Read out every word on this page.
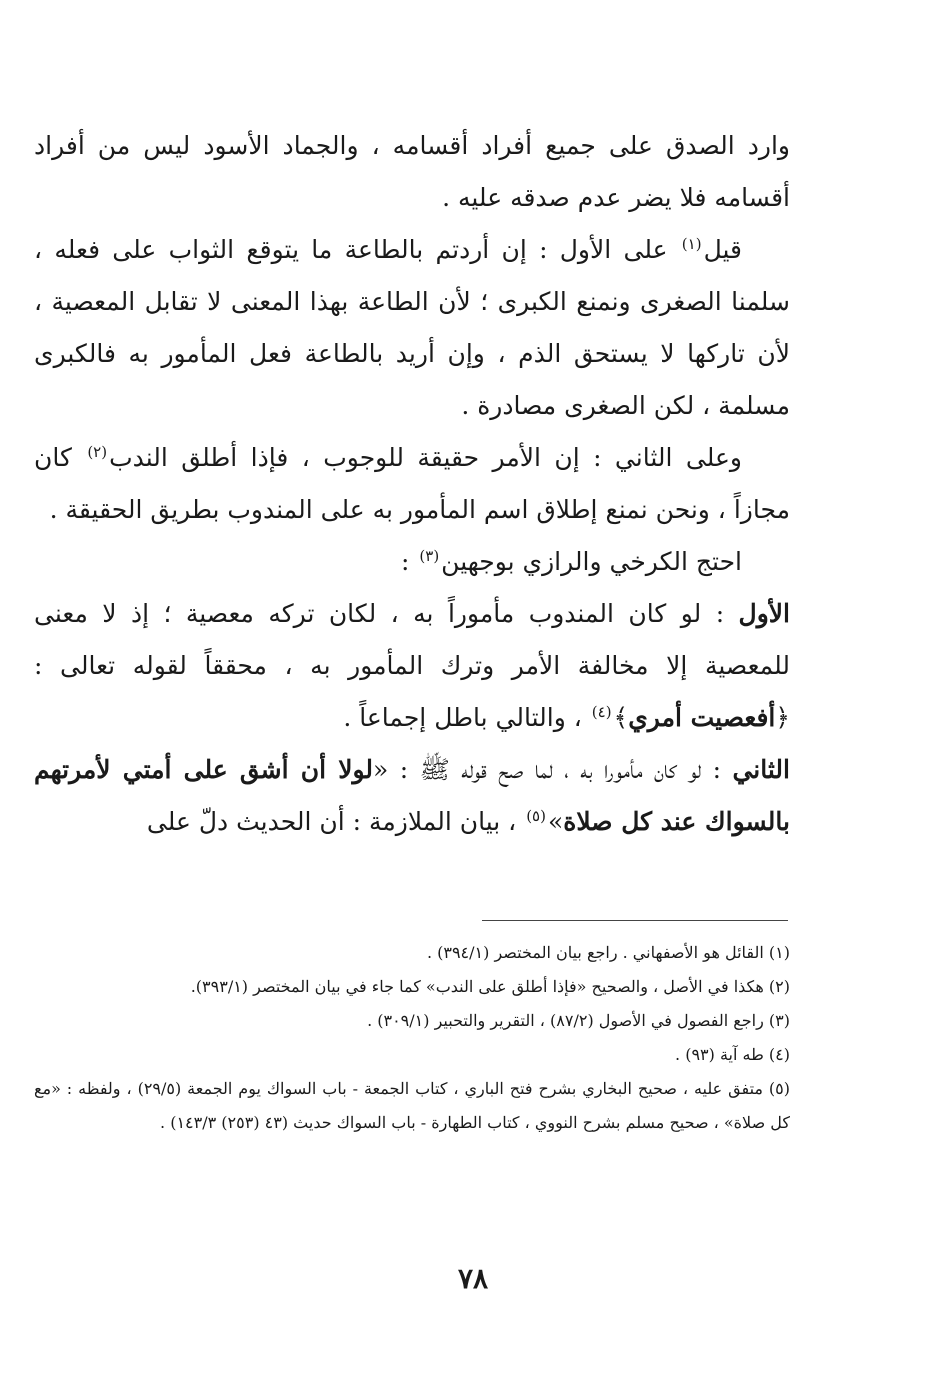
وارد الصدق على جميع أفراد أقسامه ، والجماد الأسود ليس من أفراد أقسامه فلا يضر عدم صدقه عليه .

قيل$^{(١)}$ على الأول : إن أردتم بالطاعة ما يتوقع الثواب على فعله ، سلمنا الصغرى ونمنع الكبرى ؛ لأن الطاعة بهذا المعنى لا تقابل المعصية ، لأن تاركها لا يستحق الذم ، وإن أريد بالطاعة فعل المأمور به فالكبرى مسلمة ، لكن الصغرى مصادرة .

وعلى الثاني : إن الأمر حقيقة للوجوب ، فإذا أطلق الندب$^{(٢)}$ كان مجازاً ، ونحن نمنع إطلاق اسم المأمور به على المندوب بطريق الحقيقة .

احتج الكرخي والرازي بوجهين$^{(٣)}$ :

الأول : لو كان المندوب مأموراً به ، لكان تركه معصية ؛ إذ لا معنى للمعصية إلا مخالفة الأمر وترك المأمور به ، محققاً لقوله تعالى : ﴿أفعصيت أمري﴾$^{(٤)}$ ، والتالي باطل إجماعاً .

الثاني : لو كان مأمورا به ، لما صح قوله ﷺ : «لولا أن أشق على أمتي لأمرتهم بالسواك عند كل صلاة»$^{(٥)}$ ، بيان الملازمة : أن الحديث دلّ على

(١) القائل هو الأصفهاني . راجع بيان المختصر (٣٩٤/١) .

(٢) هكذا في الأصل ، والصحيح «فإذا أطلق على الندب» كما جاء في بيان المختصر (٣٩٣/١).

(٣) راجع الفصول في الأصول (٨٧/٢) ، التقرير والتحبير (٣٠٩/١) .

(٤) طه آية (٩٣) .

(٥) متفق عليه ، صحيح البخاري بشرح فتح الباري ، كتاب الجمعة - باب السواك يوم الجمعة (٢٩/٥) ، ولفظه : «مع كل صلاة» ، صحيح مسلم بشرح النووي ، كتاب الطهارة - باب السواك حديث (٤٣ (٢٥٣) ١٤٣/٣) .

٧٨
